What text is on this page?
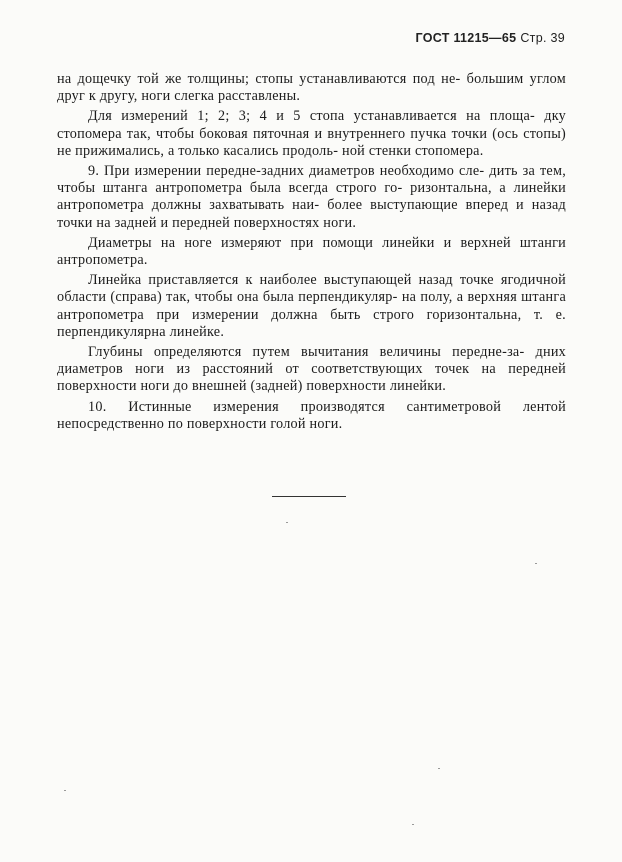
ГОСТ 11215—65 Стр. 39

на дощечку той же толщины; стопы устанавливаются под не- большим углом друг к другу, ноги слегка расставлены.

Для измерений 1; 2; 3; 4 и 5 стопа устанавливается на площа- дку стопомера так, чтобы боковая пяточная и внутреннего пучка точки (ось стопы) не прижимались, а только касались продоль- ной стенки стопомера.

9. При измерении передне-задних диаметров необходимо сле- дить за тем, чтобы штанга антропометра была всегда строго го- ризонтальна, а линейки антропометра должны захватывать наи- более выступающие вперед и назад точки на задней и передней поверхностях ноги.

Диаметры на ноге измеряют при помощи линейки и верхней штанги антропометра.

Линейка приставляется к наиболее выступающей назад точке ягодичной области (справа) так, чтобы она была перпендикуляр- на полу, а верхняя штанга антропометра при измерении должна быть строго горизонтальна, т. е. перпендикулярна линейке.

Глубины определяются путем вычитания величины передне-за- дних диаметров ноги из расстояний от соответствующих точек на передней поверхности ноги до внешней (задней) поверхности линейки.

10. Истинные измерения производятся сантиметровой лентой непосредственно по поверхности голой ноги.
